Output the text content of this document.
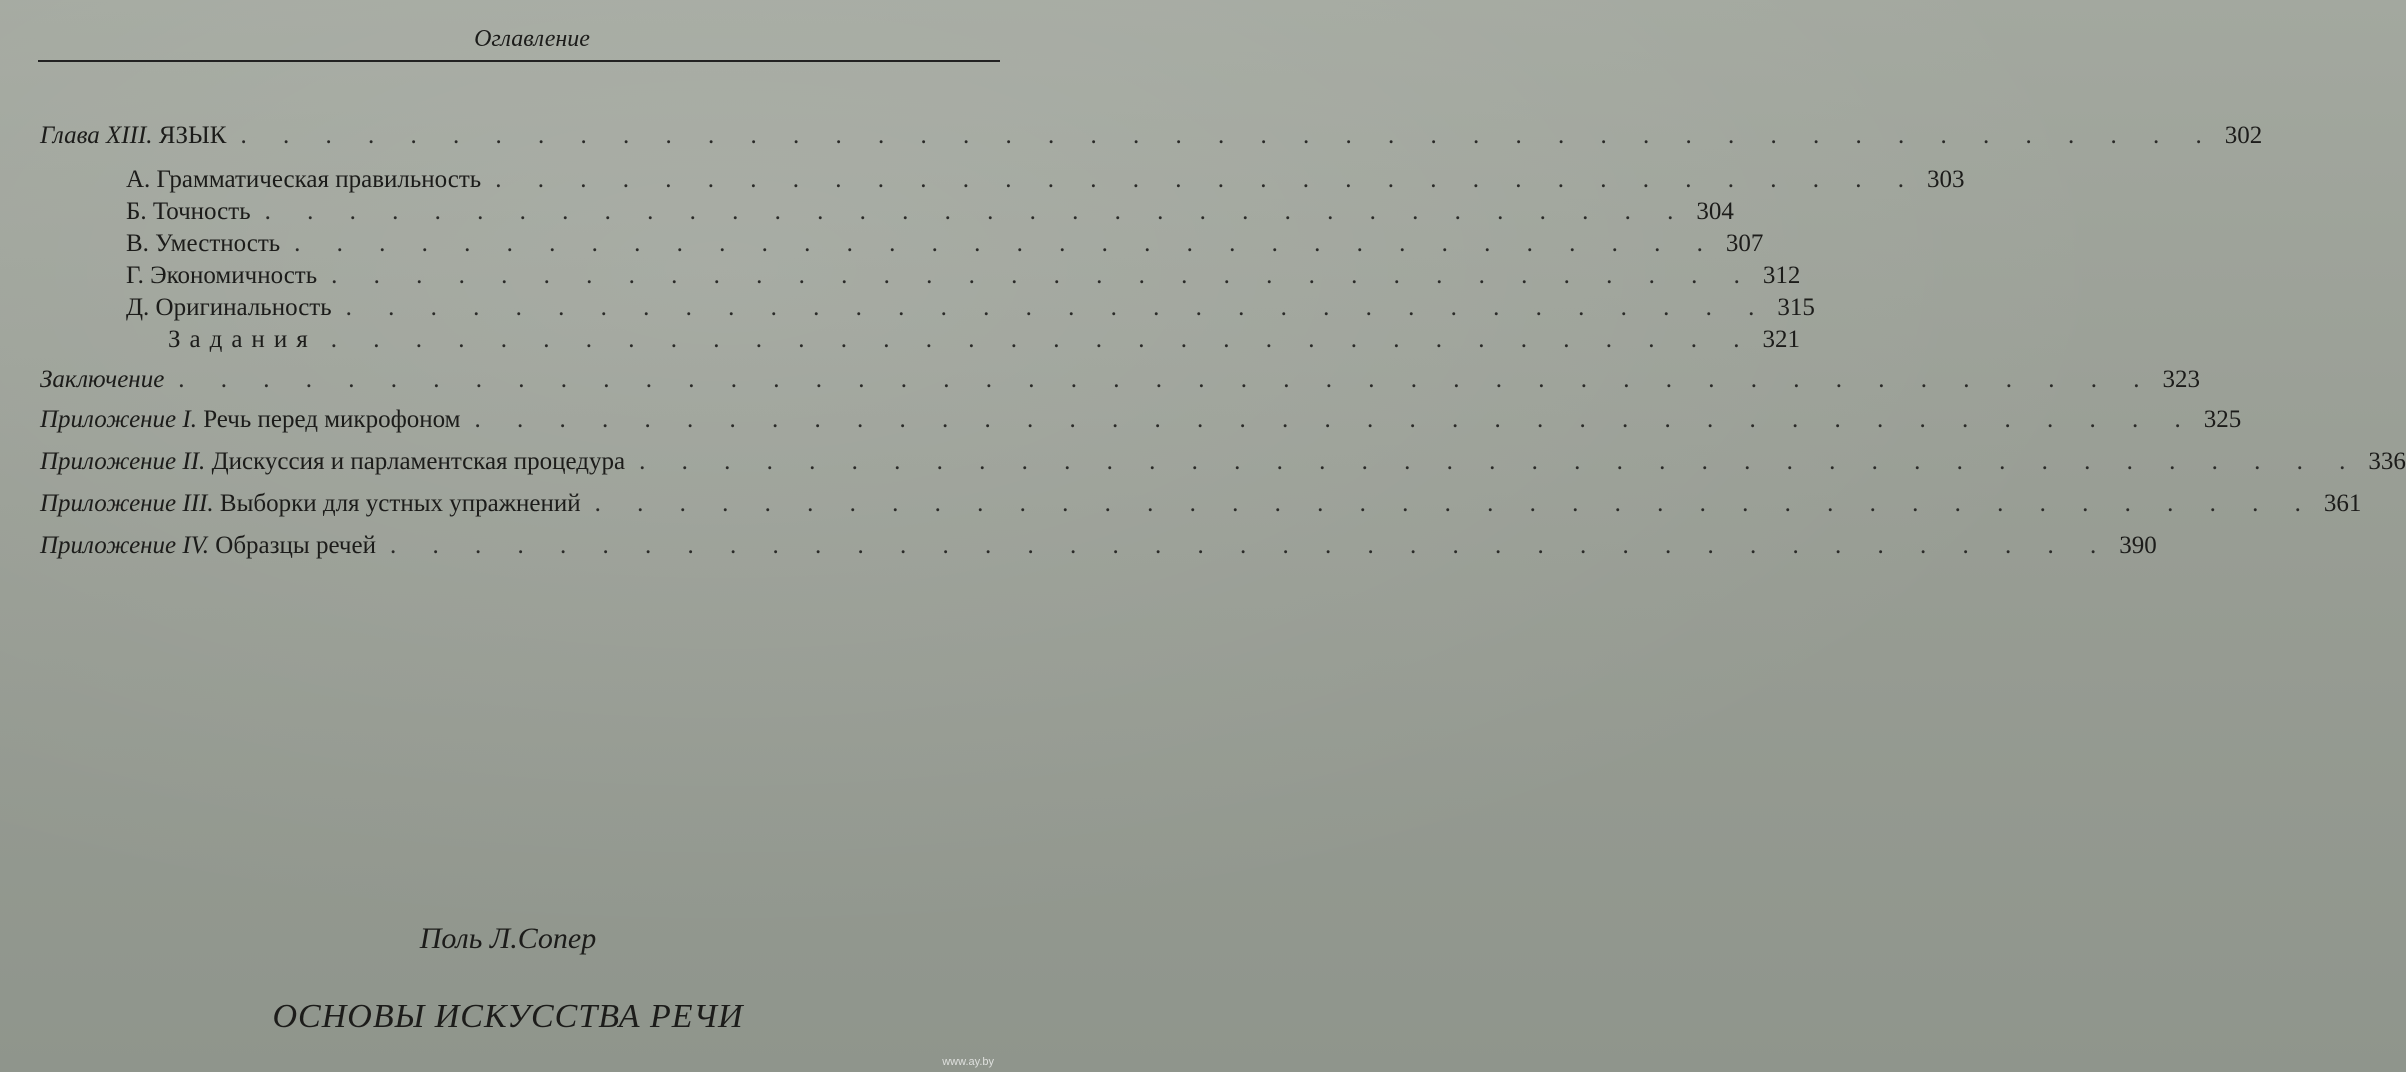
Оглавление
Глава XIII. ЯЗЫК . . . . . . . . . . . . . . . . . . . . . . . . . . . . . . . . . . . . . . . . . . . . . . . 302
А. Грамматическая правильность . . . . . . . . . . . . . . . . . . . . . . . . . . . . . . . . . . 303
Б. Точность . . . . . . . . . . . . . . . . . . . . . . . . . . . . . . . . . . 304
В. Уместность . . . . . . . . . . . . . . . . . . . . . . . . . . . . . . . . . . 307
Г. Экономичность . . . . . . . . . . . . . . . . . . . . . . . . . . . . . . . . . . 312
Д. Оригинальность . . . . . . . . . . . . . . . . . . . . . . . . . . . . . . . . . . 315
Задания . . . . . . . . . . . . . . . . . . . . . . . . . . . . . . . . . . 321
Заключение . . . . . . . . . . . . . . . . . . . . . . . . . . . . . . . . . . . . . . . . . . . . . . . 323
Приложение I. Речь перед микрофоном . . . . . . . . . . . . . . . . . . . . . . . . . . . . . . . . . . . . . . . . . 325
Приложение II. Дискуссия и парламентская процедура . . . . . . . . . . . . . . . . . . . . . . . . . . . . . . . . . . . . . . . . . 336
Приложение III. Выборки для устных упражнений . . . . . . . . . . . . . . . . . . . . . . . . . . . . . . . . . . . . . . . . . 361
Приложение IV. Образцы речей . . . . . . . . . . . . . . . . . . . . . . . . . . . . . . . . . . . . . . . . . 390
Поль Л.Сопер
ОСНОВЫ ИСКУССТВА РЕЧИ
www.ay.by
